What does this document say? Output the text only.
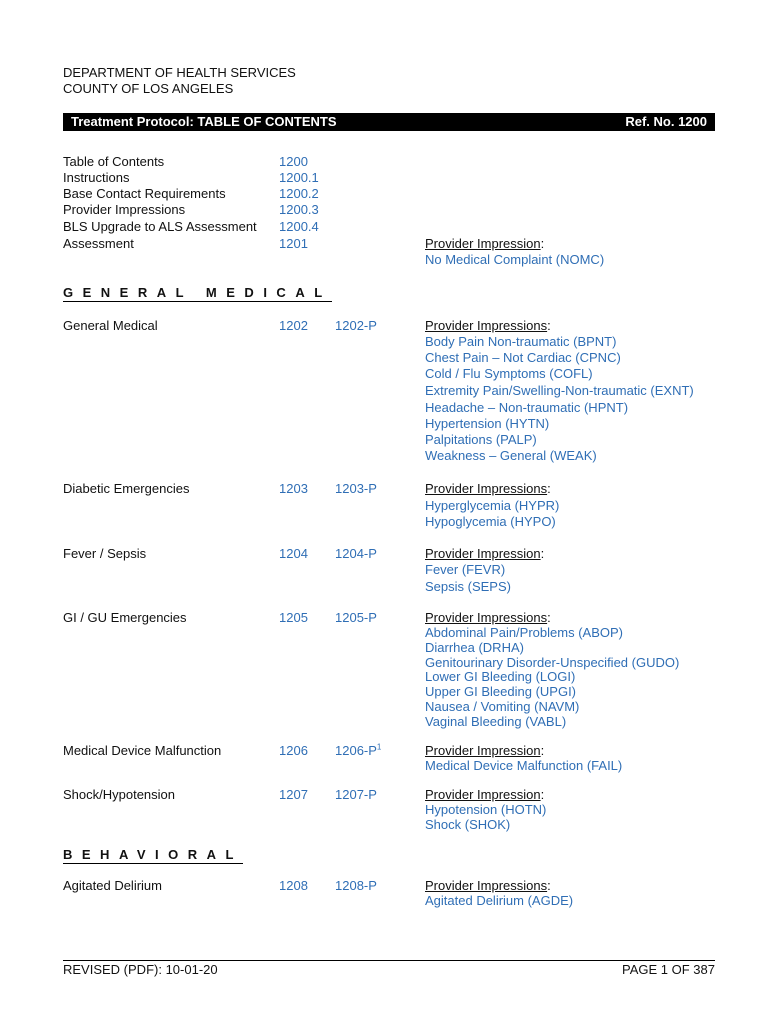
DEPARTMENT OF HEALTH SERVICES
COUNTY OF LOS ANGELES
Treatment Protocol: TABLE OF CONTENTS	Ref. No. 1200
Table of Contents	1200
Instructions	1200.1
Base Contact Requirements	1200.2
Provider Impressions	1200.3
BLS Upgrade to ALS Assessment 1200.4
Assessment	1201	Provider Impression:
No Medical Complaint (NOMC)
GENERAL MEDICAL
General Medical	1202 1202-P	Provider Impressions:
Body Pain Non-traumatic (BPNT)
Chest Pain – Not Cardiac (CPNC)
Cold / Flu Symptoms (COFL)
Extremity Pain/Swelling-Non-traumatic (EXNT)
Headache – Non-traumatic (HPNT)
Hypertension (HYTN)
Palpitations (PALP)
Weakness – General (WEAK)
Diabetic Emergencies	1203 1203-P	Provider Impressions:
Hyperglycemia (HYPR)
Hypoglycemia (HYPO)
Fever / Sepsis	1204 1204-P	Provider Impression:
Fever (FEVR)
Sepsis (SEPS)
GI / GU Emergencies	1205 1205-P	Provider Impressions:
Abdominal Pain/Problems (ABOP)
Diarrhea (DRHA)
Genitourinary Disorder-Unspecified (GUDO)
Lower GI Bleeding (LOGI)
Upper GI Bleeding (UPGI)
Nausea / Vomiting (NAVM)
Vaginal Bleeding (VABL)
Medical Device Malfunction	1206 $1206-P^1$	Provider Impression:
Medical Device Malfunction (FAIL)
Shock/Hypotension	1207 1207-P	Provider Impression:
Hypotension (HOTN)
Shock (SHOK)
BEHAVIORAL
Agitated Delirium	1208 1208-P	Provider Impressions:
Agitated Delirium (AGDE)
REVISED (PDF): 10-01-20	PAGE 1 OF 387
